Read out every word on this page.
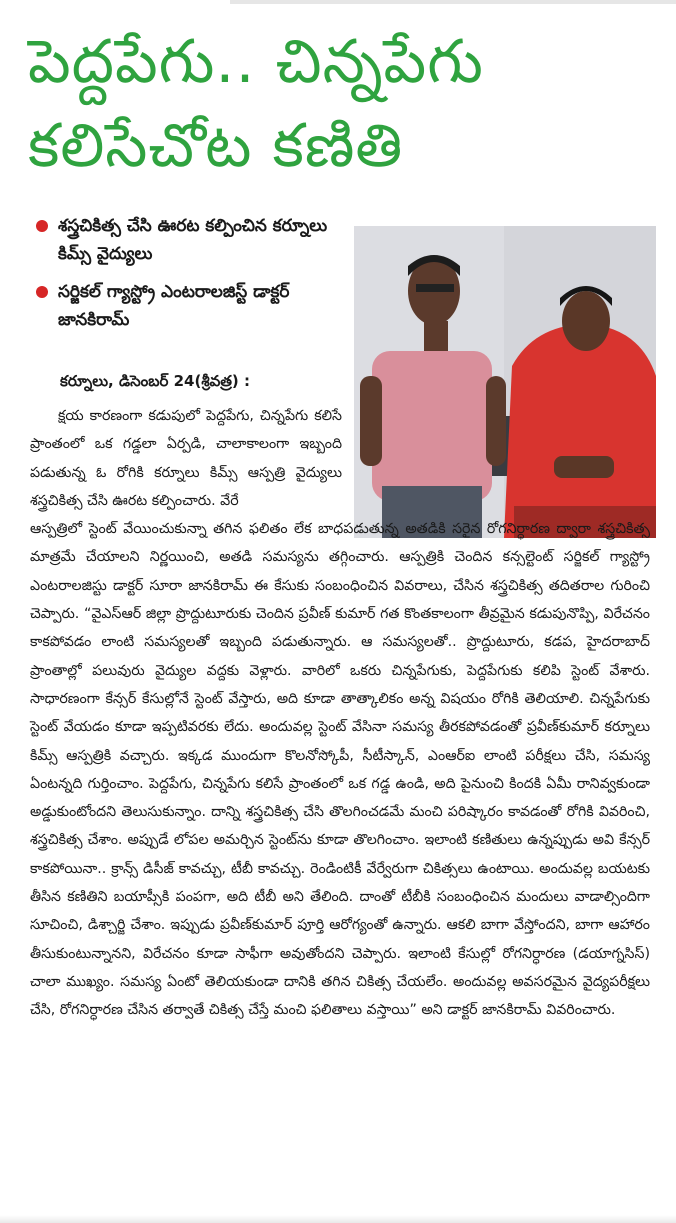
పెద్దపేగు.. చిన్నపేగు
కలిసేచోట కణితి
శస్త్రచికిత్స చేసి ఊరట కల్పించిన కర్నూలు కిమ్స్ వైద్యులు
సర్జికల్ గ్యాస్ట్రో ఎంటరాలజిస్ట్ డాక్టర్ జానకిరామ్
కర్నూలు, డిసెంబర్ 24(శ్రీవత్ర) :

క్షయ కారణంగా కడుపులో పెద్దపేగు, చిన్నపేగు కలిసే ప్రాంతంలో ఒక గడ్డలా ఏర్పడి, చాలాకాలంగా ఇబ్బంది పడుతున్న ఓ రోగికి కర్నూలు కిమ్స్ ఆస్పత్రి వైద్యులు శస్త్రచికిత్స చేసి ఊరట కల్పించారు. వేరే

ఆస్పత్రిలో స్టెంట్ వేయించుకున్నా తగిన ఫలితం లేక బాధపడుతున్న అతడికి సరైన రోగనిర్ధారణ ద్వారా శస్త్రచికిత్స మాత్రమే చేయాలని నిర్ణయించి, అతడి సమస్యను తగ్గించారు. ఆస్పత్రికి చెందిన కన్సల్టెంట్ సర్జికల్ గ్యాస్ట్రో ఎంటరాలజిస్టు డాక్టర్ సూరా జానకిరామ్ ఈ కేసుకు సంబంధించిన వివరాలు, చేసిన శస్త్రచికిత్స తదితరాల గురించి చెప్పారు. “వైఎస్ఆర్ జిల్లా ప్రొద్దుటూరుకు చెందిన ప్రవీణ్ కుమార్ గత కొంతకాలంగా తీవ్రమైన కడుపునొప్పి, విరేచనం కాకపోవడం లాంటి సమస్యలతో ఇబ్బంది పడుతున్నారు. ఆ సమస్యలతో.. ప్రొద్దుటూరు, కడప, హైదరాబాద్ ప్రాంతాల్లో పలువురు వైద్యుల వద్దకు వెళ్లారు. వారిలో ఒకరు చిన్నపేగుకు, పెద్దపేగుకు కలిపి స్టెంట్ వేశారు. సాధారణంగా కేన్సర్ కేసుల్లోనే స్టెంట్ వేస్తారు, అది కూడా తాత్కాలికం అన్న విషయం రోగికి తెలియాలి. చిన్నపేగుకు స్టెంట్ వేయడం కూడా ఇప్పటివరకు లేదు. అందువల్ల స్టెంట్ వేసినా సమస్య తీరకపోవడంతో ప్రవీణ్‌కుమార్ కర్నూలు కిమ్స్ ఆస్పత్రికి వచ్చారు. ఇక్కడ ముందుగా కొలనోస్కోపీ, సీటీస్కాన్, ఎంఆర్ఐ లాంటి పరీక్షలు చేసి, సమస్య ఏంటన్నది గుర్తించాం. పెద్దపేగు, చిన్నపేగు కలిసే ప్రాంతంలో ఒక గడ్డ ఉండి, అది పైనుంచి కిందకి ఏమీ రానివ్వకుండా అడ్డుకుంటోందని తెలుసుకున్నాం. దాన్ని శస్త్రచికిత్స చేసి తొలగించడమే మంచి పరిష్కారం కావడంతో రోగికి వివరించి, శస్త్రచికిత్స చేశాం. అప్పుడే లోపల అమర్చిన స్టెంట్‌ను కూడా తొలగించాం. ఇలాంటి కణితులు ఉన్నప్పుడు అవి కేన్సర్ కాకపోయినా.. క్రాన్స్ డిసీజ్ కావచ్చు, టీబీ కావచ్చు. రెండింటికీ వేర్వేరుగా చికిత్సలు ఉంటాయి. అందువల్ల బయటకు తీసిన కణితిని బయాప్సీకి పంపగా, అది టీబీ అని తేలింది. దాంతో టీబీకి సంబంధించిన మందులు వాడాల్సిందిగా సూచించి, డిశ్చార్జి చేశాం. ఇప్పుడు ప్రవీణ్‌కుమార్ పూర్తి ఆరోగ్యంతో ఉన్నారు. ఆకలి బాగా వేస్తోందని, బాగా ఆహారం తీసుకుంటున్నానని, విరేచనం కూడా సాఫీగా అవుతోందని చెప్పారు. ఇలాంటి కేసుల్లో రోగనిర్ధారణ (డయాగ్నసిస్) చాలా ముఖ్యం. సమస్య ఏంటో తెలియకుండా దానికి తగిన చికిత్స చేయలేం. అందువల్ల అవసరమైన వైద్యపరీక్షలు చేసి, రోగనిర్ధారణ చేసిన తర్వాతే చికిత్స చేస్తే మంచి ఫలితాలు వస్తాయి” అని డాక్టర్ జానకిరామ్ వివరించారు.
